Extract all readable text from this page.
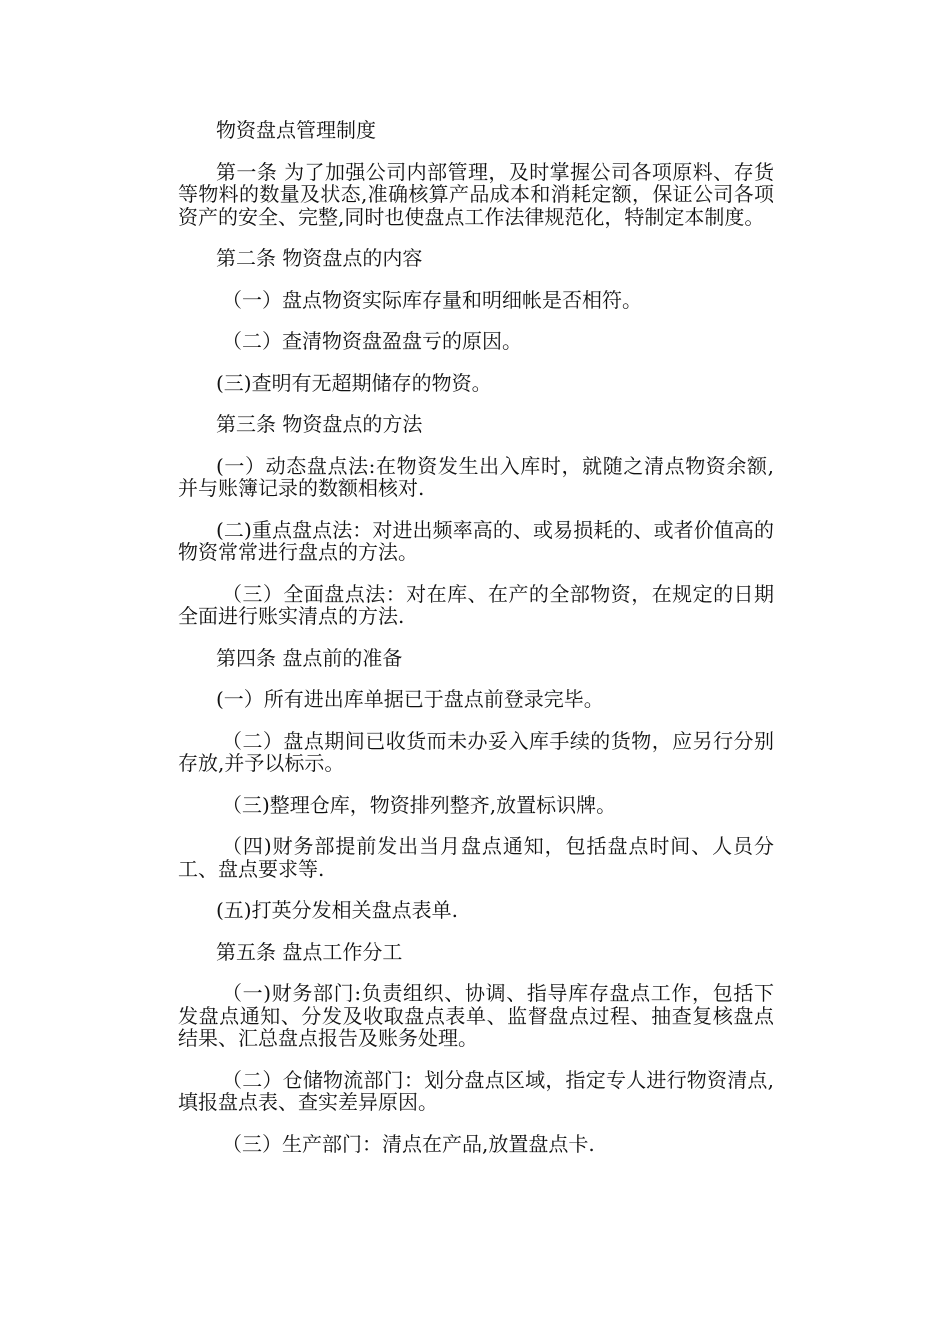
物资盘点管理制度

第一条 为了加强公司内部管理，及时掌握公司各项原料、存货等物料的数量及状态,准确核算产品成本和消耗定额，保证公司各项资产的安全、完整,同时也使盘点工作法律规范化，特制定本制度。

第二条 物资盘点的内容

（一）盘点物资实际库存量和明细帐是否相符。

（二）查清物资盘盈盘亏的原因。

(三)查明有无超期储存的物资。

第三条 物资盘点的方法

(一）动态盘点法:在物资发生出入库时，就随之清点物资余额,并与账簿记录的数额相核对.

(二)重点盘点法：对进出频率高的、或易损耗的、或者价值高的物资常常进行盘点的方法。

（三）全面盘点法：对在库、在产的全部物资，在规定的日期全面进行账实清点的方法.

第四条 盘点前的准备

(一）所有进出库单据已于盘点前登录完毕。

（二）盘点期间已收货而未办妥入库手续的货物，应另行分别存放,并予以标示。

（三)整理仓库，物资排列整齐,放置标识牌。

（四)财务部提前发出当月盘点通知，包括盘点时间、人员分工、盘点要求等.

(五)打英分发相关盘点表单.

第五条 盘点工作分工

（一)财务部门:负责组织、协调、指导库存盘点工作，包括下发盘点通知、分发及收取盘点表单、监督盘点过程、抽查复核盘点结果、汇总盘点报告及账务处理。

（二）仓储物流部门：划分盘点区域，指定专人进行物资清点,填报盘点表、查实差异原因。

（三）生产部门：清点在产品,放置盘点卡.
